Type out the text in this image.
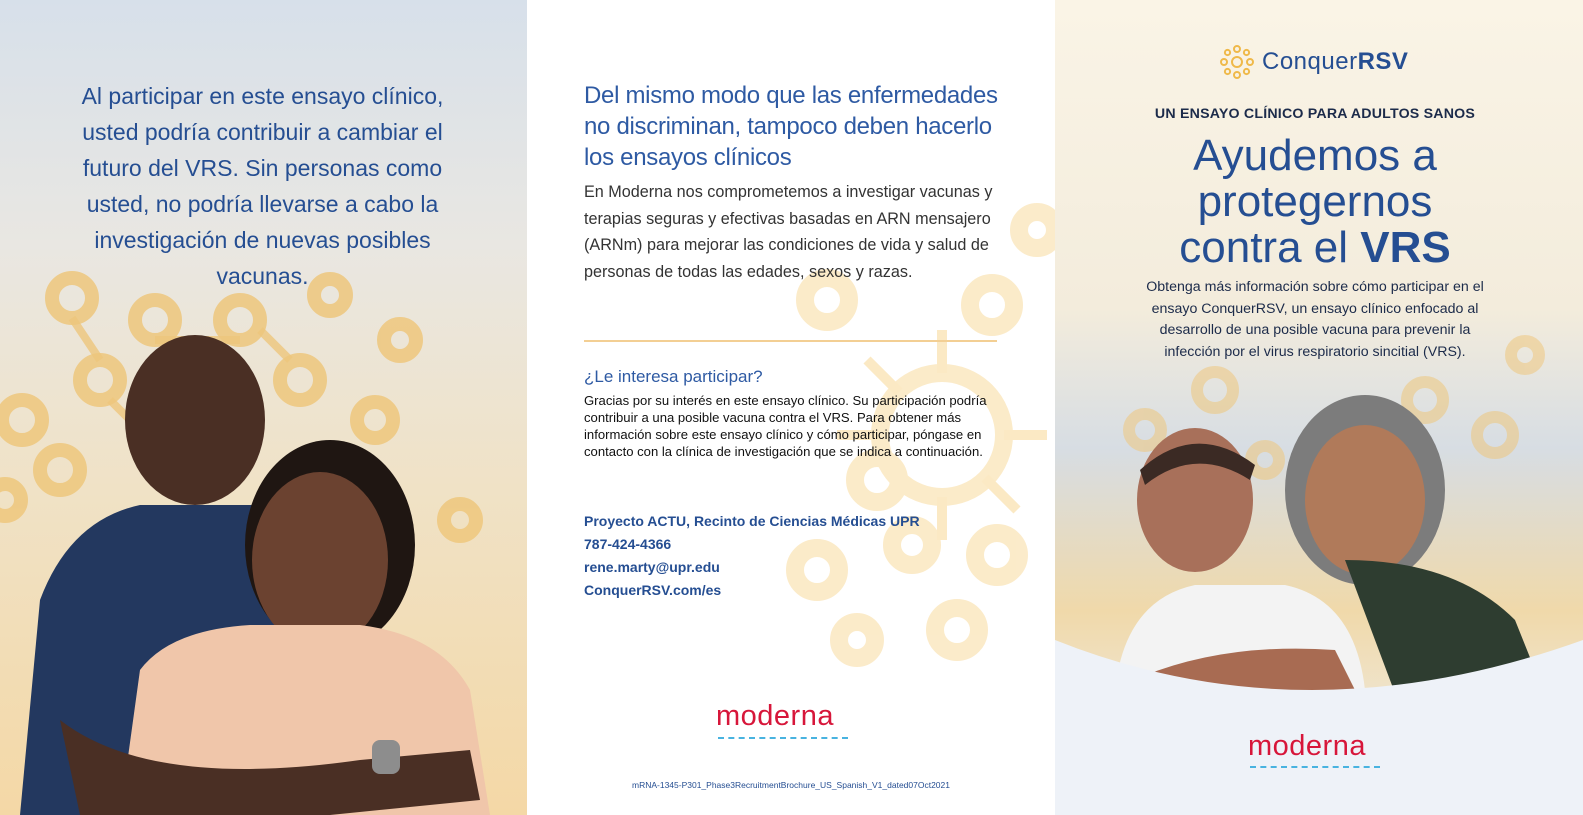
Al participar en este ensayo clínico, usted podría contribuir a cambiar el futuro del VRS. Sin personas como usted, no podría llevarse a cabo la investigación de nuevas posibles vacunas.
Del mismo modo que las enfermedades no discriminan, tampoco deben hacerlo los ensayos clínicos
En Moderna nos comprometemos a investigar vacunas y terapias seguras y efectivas basadas en ARN mensajero (ARNm) para mejorar las condiciones de vida y salud de personas de todas las edades, sexos y razas.
¿Le interesa participar?
Gracias por su interés en este ensayo clínico. Su participación podría contribuir a una posible vacuna contra el VRS. Para obtener más información sobre este ensayo clínico y cómo participar, póngase en contacto con la clínica de investigación que se indica a continuación.
Proyecto ACTU, Recinto de Ciencias Médicas UPR
787-424-4366
rene.marty@upr.edu
ConquerRSV.com/es
moderna
mRNA-1345-P301_Phase3RecruitmentBrochure_US_Spanish_V1_dated07Oct2021
ConquerRSV
UN ENSAYO CLÍNICO PARA ADULTOS SANOS
Ayudemos a
protegernos
contra el VRS
Obtenga más información sobre cómo participar en el ensayo ConquerRSV, un ensayo clínico enfocado al desarrollo de una posible vacuna para prevenir la infección por el virus respiratorio sincitial (VRS).
moderna
